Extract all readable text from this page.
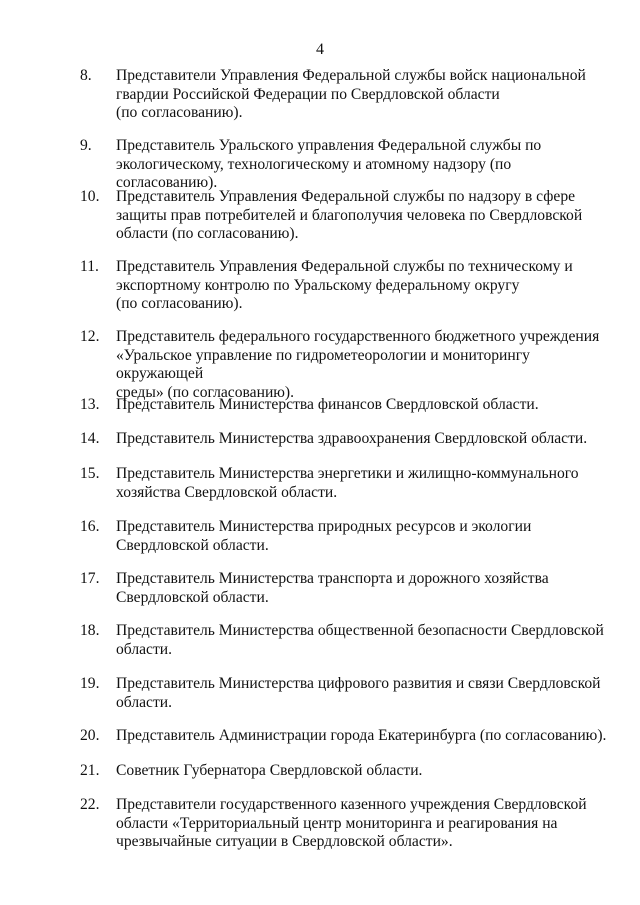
4
8.	Представители Управления Федеральной службы войск национальной
гвардии Российской Федерации по Свердловской области
(по согласованию).
9.	Представитель Уральского управления Федеральной службы по
экологическому, технологическому и атомному надзору (по согласованию).
10.	Представитель Управления Федеральной службы по надзору в сфере
защиты прав потребителей и благополучия человека по Свердловской
области (по согласованию).
11.	Представитель Управления Федеральной службы по техническому и
экспортному контролю по Уральскому федеральному округу
(по согласованию).
12.	Представитель федерального государственного бюджетного учреждения
«Уральское управление по гидрометеорологии и мониторингу окружающей
среды» (по согласованию).
13.	Представитель Министерства финансов Свердловской области.
14.	Представитель Министерства здравоохранения Свердловской области.
15.	Представитель Министерства энергетики и жилищно-коммунального
хозяйства Свердловской области.
16.	Представитель Министерства природных ресурсов и экологии
Свердловской области.
17.	Представитель Министерства транспорта и дорожного хозяйства
Свердловской области.
18.	Представитель Министерства общественной безопасности Свердловской
области.
19.	Представитель Министерства цифрового развития и связи Свердловской
области.
20.	Представитель Администрации города Екатеринбурга (по согласованию).
21.	Советник Губернатора Свердловской области.
22.	Представители государственного казенного учреждения Свердловской
области «Территориальный центр мониторинга и реагирования на
чрезвычайные ситуации в Свердловской области».
